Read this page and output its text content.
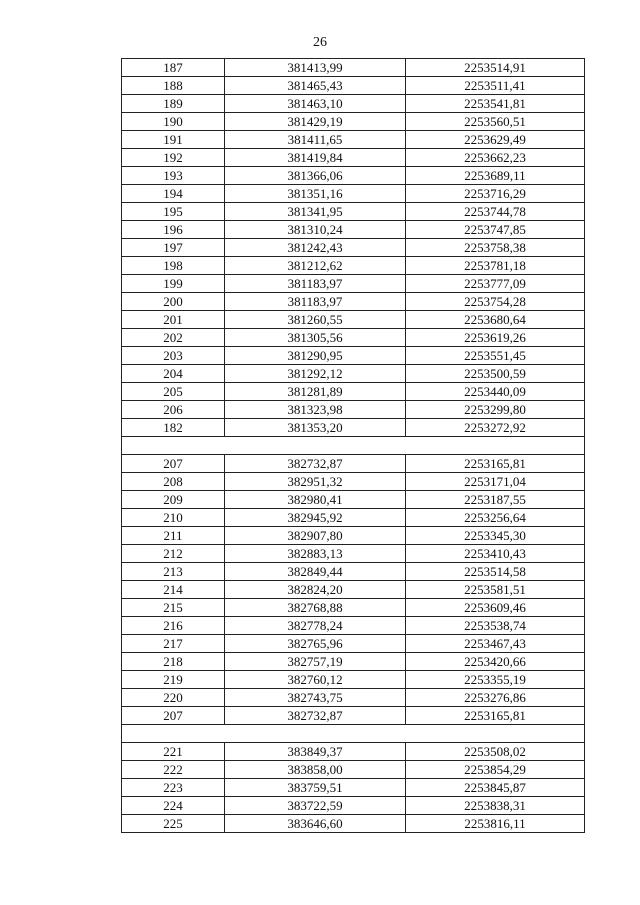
26
187	381413,99	2253514,91
188	381465,43	2253511,41
189	381463,10	2253541,81
190	381429,19	2253560,51
191	381411,65	2253629,49
192	381419,84	2253662,23
193	381366,06	2253689,11
194	381351,16	2253716,29
195	381341,95	2253744,78
196	381310,24	2253747,85
197	381242,43	2253758,38
198	381212,62	2253781,18
199	381183,97	2253777,09
200	381183,97	2253754,28
201	381260,55	2253680,64
202	381305,56	2253619,26
203	381290,95	2253551,45
204	381292,12	2253500,59
205	381281,89	2253440,09
206	381323,98	2253299,80
182	381353,20	2253272,92

207	382732,87	2253165,81
208	382951,32	2253171,04
209	382980,41	2253187,55
210	382945,92	2253256,64
211	382907,80	2253345,30
212	382883,13	2253410,43
213	382849,44	2253514,58
214	382824,20	2253581,51
215	382768,88	2253609,46
216	382778,24	2253538,74
217	382765,96	2253467,43
218	382757,19	2253420,66
219	382760,12	2253355,19
220	382743,75	2253276,86
207	382732,87	2253165,81

221	383849,37	2253508,02
222	383858,00	2253854,29
223	383759,51	2253845,87
224	383722,59	2253838,31
225	383646,60	2253816,11
